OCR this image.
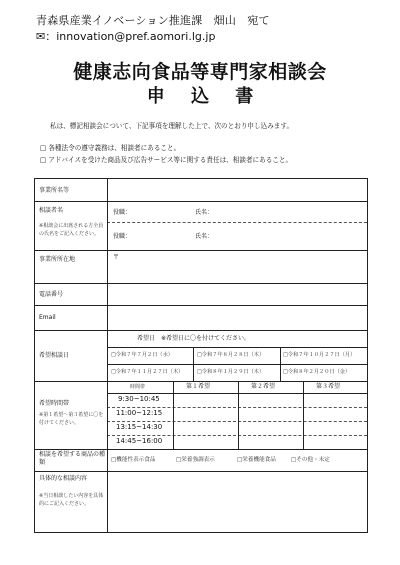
青森県産業イノベーション推進課　畑山　宛て
✉：innovation@pref.aomori.lg.jp
健康志向食品等専門家相談会
申 込 書
私は、標記相談会について、下記事項を理解した上で、次のとおり申し込みます。
□ 各種法令の遵守義務は、相談者にあること。
□ アドバイスを受けた商品及び広告サービス等に関する責任は、相談者にあること。
事業所名等
相談者名
※相談会に出席される方全員の氏名をご記入ください。
役職：	氏名：
役職：	氏名：
事業所所在地	〒
電話番号
Email
希望相談日
希望日　※希望日に〇を付けてください。
□令和７年７月２日（水）	□令和７年８月２８日（木）	□令和７年１０月２７日（月）
□令和７年１１月２７日（木）	□令和８年１月２９日（木）	□令和８年２月２０日（金）
希望時間帯
※第１希望～第３希望に〇を付けてください。
時間帯	第１希望	第２希望	第３希望
9:30~10:45
11:00~12:15
13:15~14:30
14:45~16:00
相談を希望する商品の種類	□機能性表示食品	□栄養強調表示	□栄養機能食品	□その他・未定
具体的な相談内容
※当日相談したい内容を具体的にご記入ください。
